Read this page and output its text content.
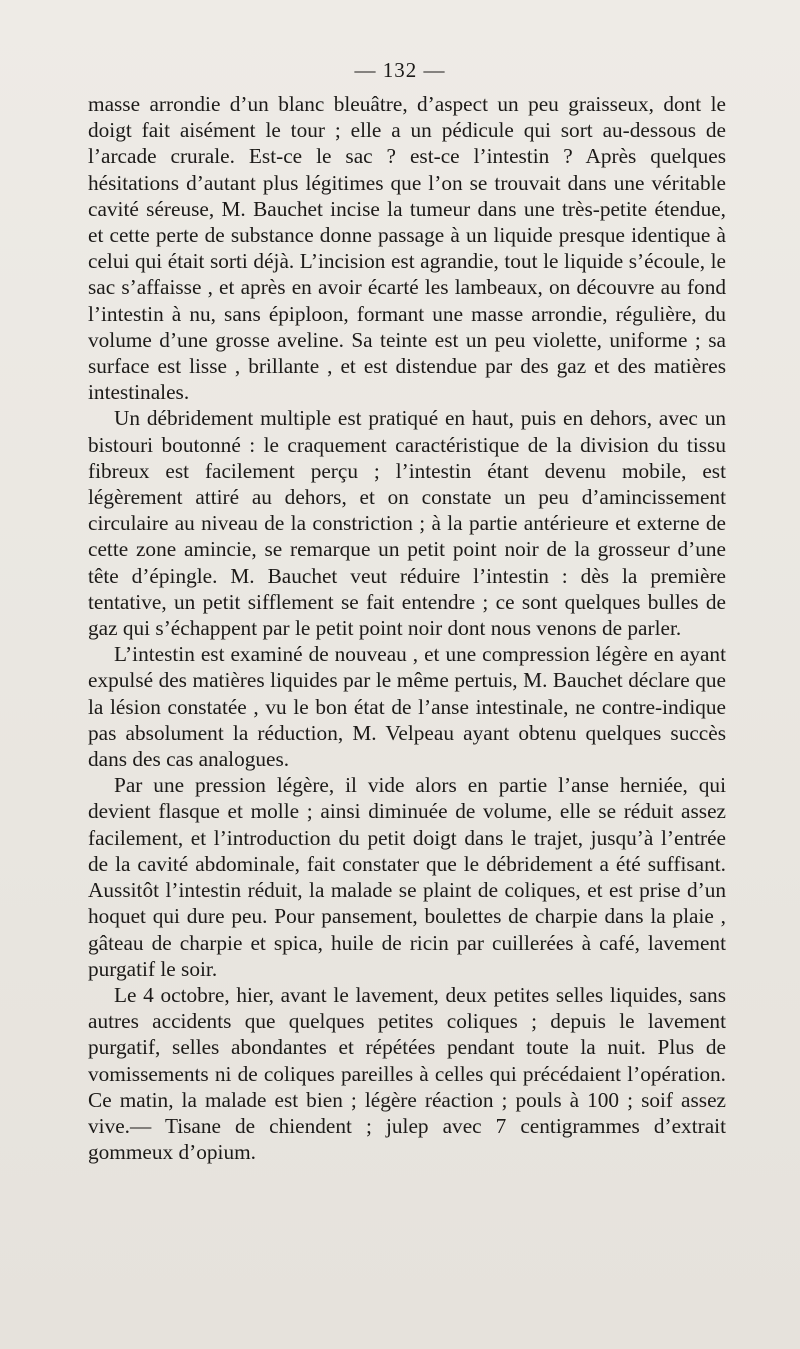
— 132 —

masse arrondie d’un blanc bleuâtre, d’aspect un peu graisseux, dont le doigt fait aisément le tour ; elle a un pédicule qui sort au-dessous de l’arcade crurale. Est-ce le sac ? est-ce l’intestin ? Après quelques hésitations d’autant plus légitimes que l’on se trouvait dans une véritable cavité séreuse, M. Bauchet incise la tumeur dans une très-petite étendue, et cette perte de substance donne passage à un liquide presque identique à celui qui était sorti déjà. L’incision est agrandie, tout le liquide s’écoule, le sac s’affaisse , et après en avoir écarté les lambeaux, on découvre au fond l’intestin à nu, sans épiploon, formant une masse arrondie, régulière, du volume d’une grosse aveline. Sa teinte est un peu violette, uniforme ; sa surface est lisse , brillante , et est distendue par des gaz et des matières intestinales.

Un débridement multiple est pratiqué en haut, puis en dehors, avec un bistouri boutonné : le craquement caractéristique de la division du tissu fibreux est facilement perçu ; l’intestin étant devenu mobile, est légèrement attiré au dehors, et on constate un peu d’amincissement circulaire au niveau de la constriction ; à la partie antérieure et externe de cette zone amincie, se remarque un petit point noir de la grosseur d’une tête d’épingle. M. Bauchet veut réduire l’intestin : dès la première tentative, un petit sifflement se fait entendre ; ce sont quelques bulles de gaz qui s’échappent par le petit point noir dont nous venons de parler.

L’intestin est examiné de nouveau , et une compression légère en ayant expulsé des matières liquides par le même pertuis, M. Bauchet déclare que la lésion constatée , vu le bon état de l’anse intestinale, ne contre-indique pas absolument la réduction, M. Velpeau ayant obtenu quelques succès dans des cas analogues.

Par une pression légère, il vide alors en partie l’anse herniée, qui devient flasque et molle ; ainsi diminuée de volume, elle se réduit assez facilement, et l’introduction du petit doigt dans le trajet, jusqu’à l’entrée de la cavité abdominale, fait constater que le débridement a été suffisant. Aussitôt l’intestin réduit, la malade se plaint de coliques, et est prise d’un hoquet qui dure peu. Pour pansement, boulettes de charpie dans la plaie , gâteau de charpie et spica, huile de ricin par cuillerées à café, lavement purgatif le soir.

Le 4 octobre, hier, avant le lavement, deux petites selles liquides, sans autres accidents que quelques petites coliques ; depuis le lavement purgatif, selles abondantes et répétées pendant toute la nuit. Plus de vomissements ni de coliques pareilles à celles qui précédaient l’opération. Ce matin, la malade est bien ; légère réaction ; pouls à 100 ; soif assez vive.— Tisane de chiendent ; julep avec 7 centigrammes d’extrait gommeux d’opium.
